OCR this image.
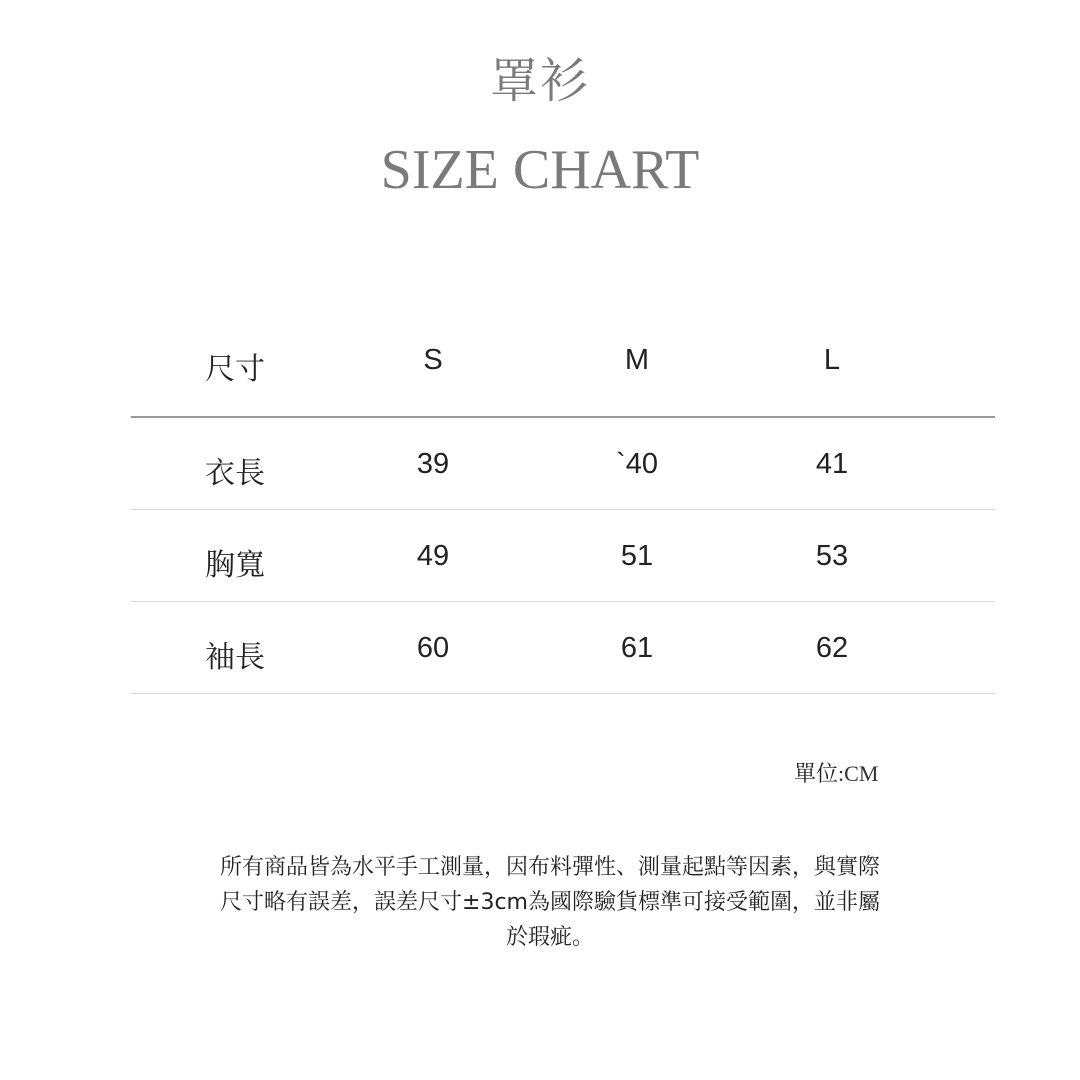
罩衫
SIZE CHART
尺寸	S	M	L
衣長	39	`40	41
胸寬	49	51	53
袖長	60	61	62
單位:CM
所有商品皆為水平手工測量，因布料彈性、測量起點等因素，與實際
尺寸略有誤差，誤差尺寸±3cm為國際驗貨標準可接受範圍，並非屬
於瑕疵。
